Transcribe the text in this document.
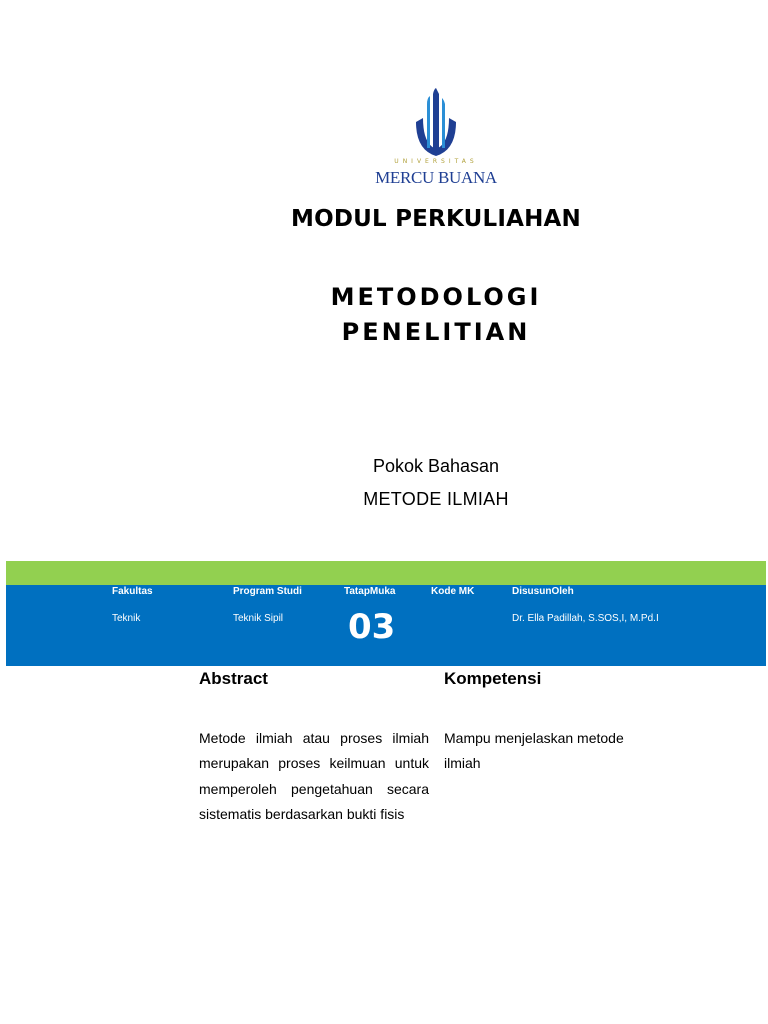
UNIVERSITAS
MERCU BUANA
MODUL PERKULIAHAN
METODOLOGI
PENELITIAN
Pokok Bahasan
METODE ILMIAH
Fakultas
Teknik
Program Studi
Teknik Sipil
TatapMuka
03
Kode MK	DisusunOleh
Dr. Ella Padillah, S.SOS,I, M.Pd.I
Abstract	Kompetensi
Metode ilmiah atau proses ilmiah merupakan proses keilmuan untuk memperoleh pengetahuan secara sistematis berdasarkan bukti fisis
Mampu menjelaskan metode ilmiah
